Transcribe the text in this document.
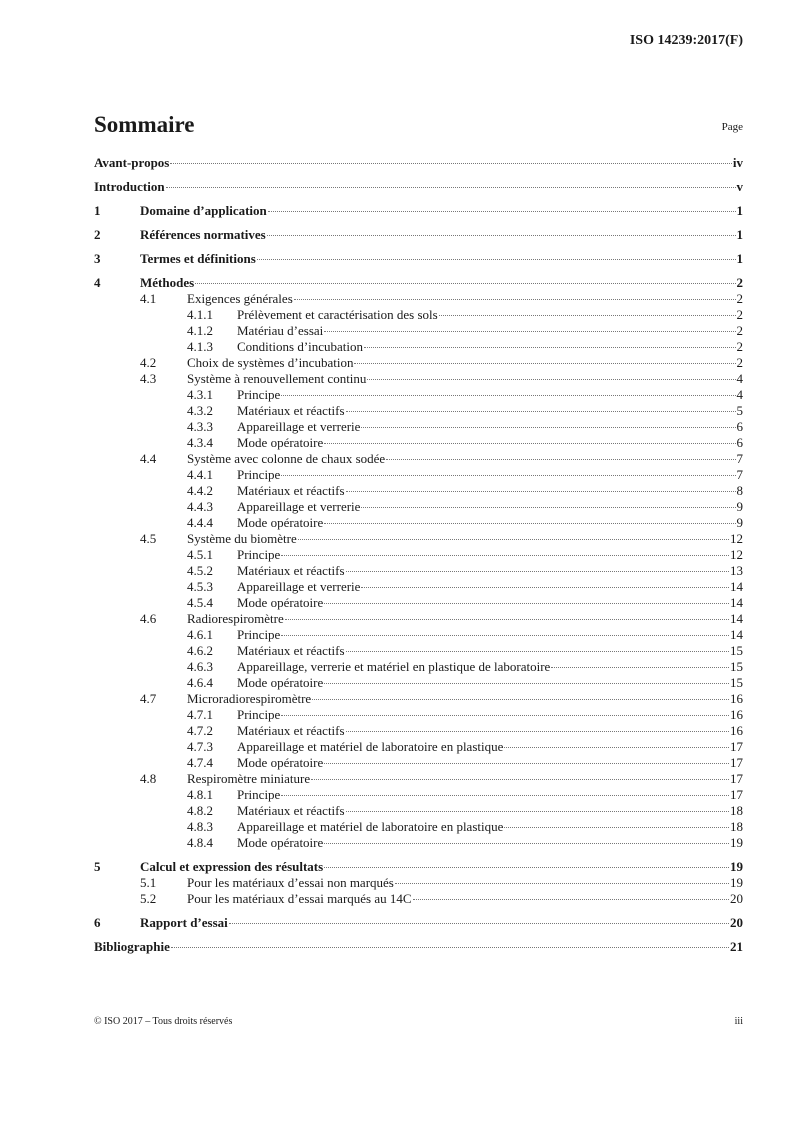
ISO 14239:2017(F)
Sommaire	Page
Avant-propos	iv
Introduction	v
1	Domaine d’application	1
2	Références normatives	1
3	Termes et définitions	1
4	Méthodes	2
4.1	Exigences générales	2
4.1.1	Prélèvement et caractérisation des sols	2
4.1.2	Matériau d’essai	2
4.1.3	Conditions d’incubation	2
4.2	Choix de systèmes d’incubation	2
4.3	Système à renouvellement continu	4
4.3.1	Principe	4
4.3.2	Matériaux et réactifs	5
4.3.3	Appareillage et verrerie	6
4.3.4	Mode opératoire	6
4.4	Système avec colonne de chaux sodée	7
4.4.1	Principe	7
4.4.2	Matériaux et réactifs	8
4.4.3	Appareillage et verrerie	9
4.4.4	Mode opératoire	9
4.5	Système du biomètre	12
4.5.1	Principe	12
4.5.2	Matériaux et réactifs	13
4.5.3	Appareillage et verrerie	14
4.5.4	Mode opératoire	14
4.6	Radiorespiromètre	14
4.6.1	Principe	14
4.6.2	Matériaux et réactifs	15
4.6.3	Appareillage, verrerie et matériel en plastique de laboratoire	15
4.6.4	Mode opératoire	15
4.7	Microradiorespiromètre	16
4.7.1	Principe	16
4.7.2	Matériaux et réactifs	16
4.7.3	Appareillage et matériel de laboratoire en plastique	17
4.7.4	Mode opératoire	17
4.8	Respiromètre miniature	17
4.8.1	Principe	17
4.8.2	Matériaux et réactifs	18
4.8.3	Appareillage et matériel de laboratoire en plastique	18
4.8.4	Mode opératoire	19
5	Calcul et expression des résultats	19
5.1	Pour les matériaux d’essai non marqués	19
5.2	Pour les matériaux d’essai marqués au 14C	20
6	Rapport d’essai	20
Bibliographie	21
© ISO 2017 – Tous droits réservés	iii
